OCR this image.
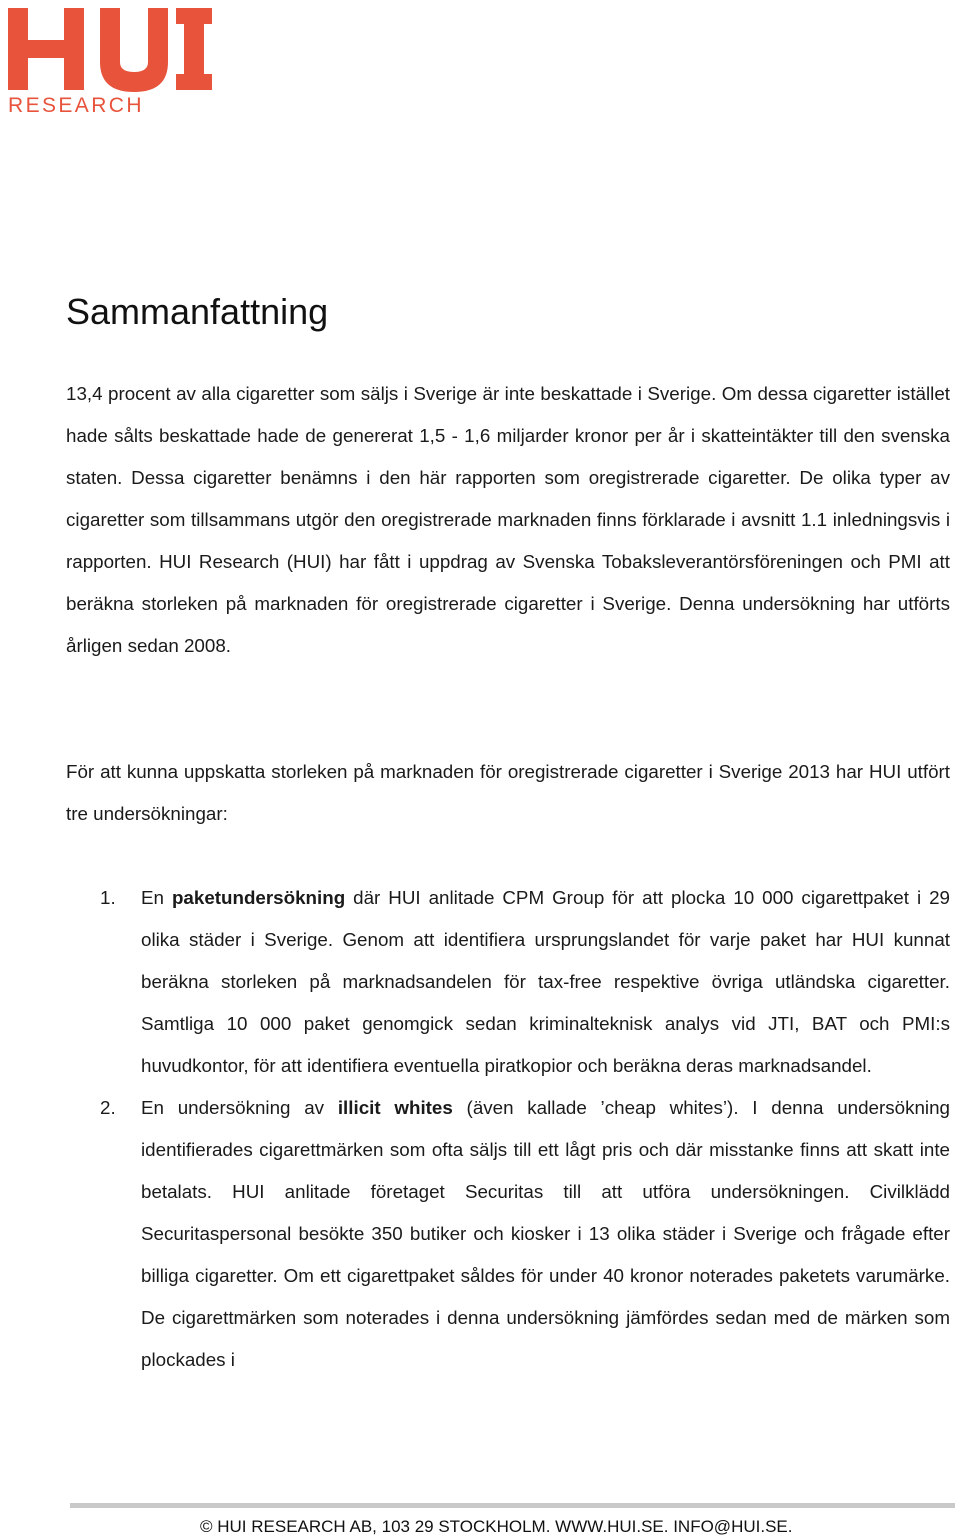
RESEARCH
Sammanfattning

13,4 procent av alla cigaretter som säljs i Sverige är inte beskattade i Sverige. Om dessa cigaretter istället hade sålts beskattade hade de genererat 1,5 - 1,6 miljarder kronor per år i skatteintäkter till den svenska staten. Dessa cigaretter benämns i den här rapporten som oregistrerade cigaretter. De olika typer av cigaretter som tillsammans utgör den oregistrerade marknaden finns förklarade i avsnitt 1.1 inledningsvis i rapporten. HUI Research (HUI) har fått i uppdrag av Svenska Tobaksleverantörsföreningen och PMI att beräkna storleken på marknaden för oregistrerade cigaretter i Sverige. Denna undersökning har utförts årligen sedan 2008.

För att kunna uppskatta storleken på marknaden för oregistrerade cigaretter i Sverige 2013 har HUI utfört tre undersökningar:

1. En paketundersökning där HUI anlitade CPM Group för att plocka 10 000 cigarettpaket i 29 olika städer i Sverige. Genom att identifiera ursprungslandet för varje paket har HUI kunnat beräkna storleken på marknadsandelen för tax-free respektive övriga utländska cigaretter. Samtliga 10 000 paket genomgick sedan kriminalteknisk analys vid JTI, BAT och PMI:s huvudkontor, för att identifiera eventuella piratkopior och beräkna deras marknadsandel.
2. En undersökning av illicit whites (även kallade ’cheap whites’). I denna undersökning identifierades cigarettmärken som ofta säljs till ett lågt pris och där misstanke finns att skatt inte betalats. HUI anlitade företaget Securitas till att utföra undersökningen. Civilklädd Securitaspersonal besökte 350 butiker och kiosker i 13 olika städer i Sverige och frågade efter billiga cigaretter. Om ett cigarettpaket såldes för under 40 kronor noterades paketets varumärke. De cigarettmärken som noterades i denna undersökning jämfördes sedan med de märken som plockades i
© HUI RESEARCH AB, 103 29 STOCKHOLM. WWW.HUI.SE. INFO@HUI.SE.
